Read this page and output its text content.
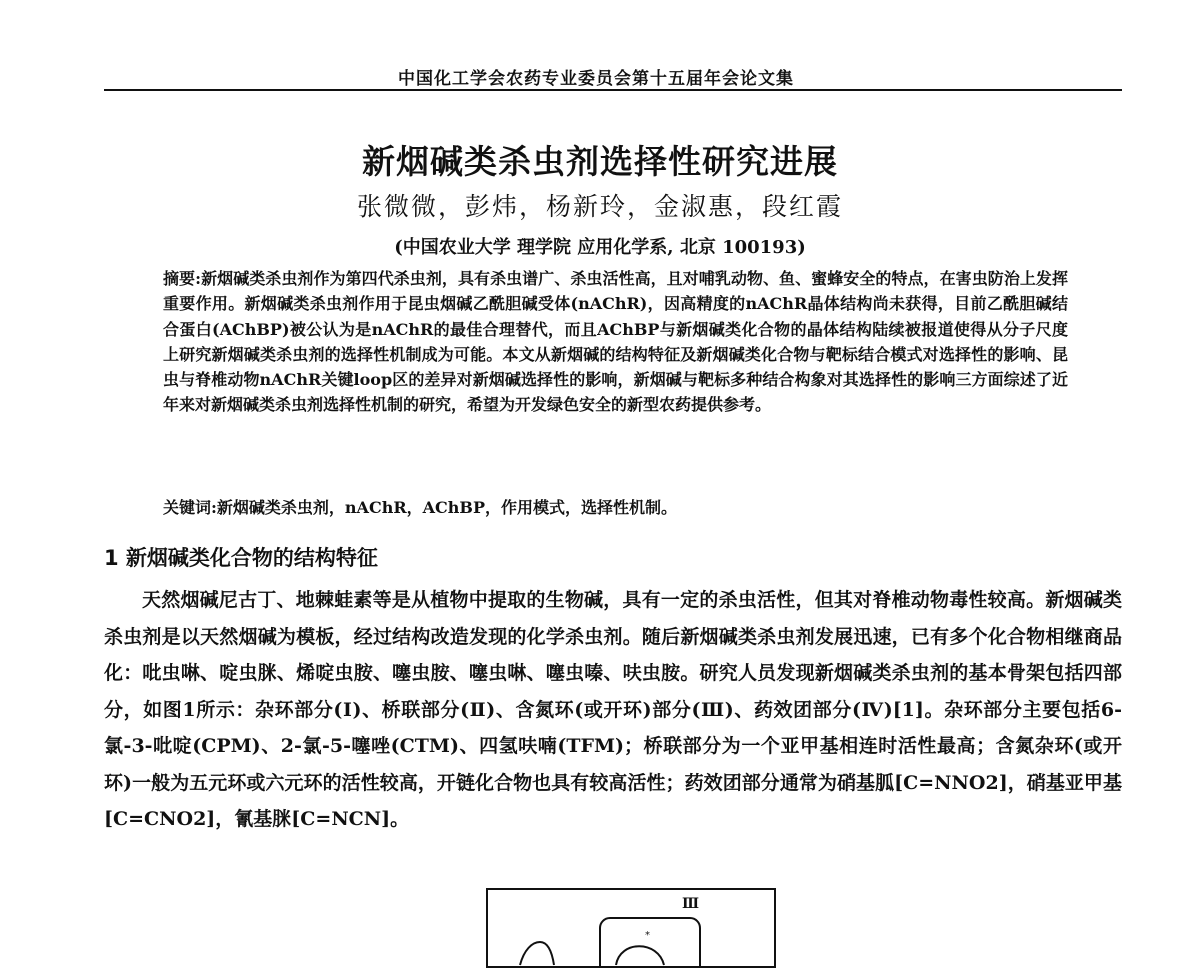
中国化工学会农药专业委员会第十五届年会论文集
新烟碱类杀虫剂选择性研究进展
张微微，彭炜，杨新玲，金淑惠，段红霞
(中国农业大学 理学院 应用化学系, 北京 100193)

摘要:新烟碱类杀虫剂作为第四代杀虫剂，具有杀虫谱广、杀虫活性高，且对哺乳动物、鱼、蜜蜂安全的特点，在害虫防治上发挥重要作用。新烟碱类杀虫剂作用于昆虫烟碱乙酰胆碱受体(nAChR)，因高精度的nAChR晶体结构尚未获得，目前乙酰胆碱结合蛋白(AChBP)被公认为是nAChR的最佳合理替代，而且AChBP与新烟碱类化合物的晶体结构陆续被报道使得从分子尺度上研究新烟碱类杀虫剂的选择性机制成为可能。本文从新烟碱的结构特征及新烟碱类化合物与靶标结合模式对选择性的影响、昆虫与脊椎动物nAChR关键loop区的差异对新烟碱选择性的影响，新烟碱与靶标多种结合构象对其选择性的影响三方面综述了近年来对新烟碱类杀虫剂选择性机制的研究，希望为开发绿色安全的新型农药提供参考。

关键词:新烟碱类杀虫剂，nAChR，AChBP，作用模式，选择性机制。

1 新烟碱类化合物的结构特征

天然烟碱尼古丁、地棘蛙素等是从植物中提取的生物碱，具有一定的杀虫活性，但其对脊椎动物毒性较高。新烟碱类杀虫剂是以天然烟碱为模板，经过结构改造发现的化学杀虫剂。随后新烟碱类杀虫剂发展迅速，已有多个化合物相继商品化：吡虫啉、啶虫脒、烯啶虫胺、噻虫胺、噻虫啉、噻虫嗪、呋虫胺。研究人员发现新烟碱类杀虫剂的基本骨架包括四部分，如图1所示：杂环部分(Ⅰ)、桥联部分(Ⅱ)、含氮环(或开环)部分(Ⅲ)、药效团部分(Ⅳ)[1]。杂环部分主要包括6-氯-3-吡啶(CPM)、2-氯-5-噻唑(CTM)、四氢呋喃(TFM)；桥联部分为一个亚甲基相连时活性最高；含氮杂环(或开环)一般为五元环或六元环的活性较高，开链化合物也具有较高活性；药效团部分通常为硝基胍[C=NNO2]，硝基亚甲基[C=CNO2]，氰基脒[C=NCN]。

*
Ⅲ
